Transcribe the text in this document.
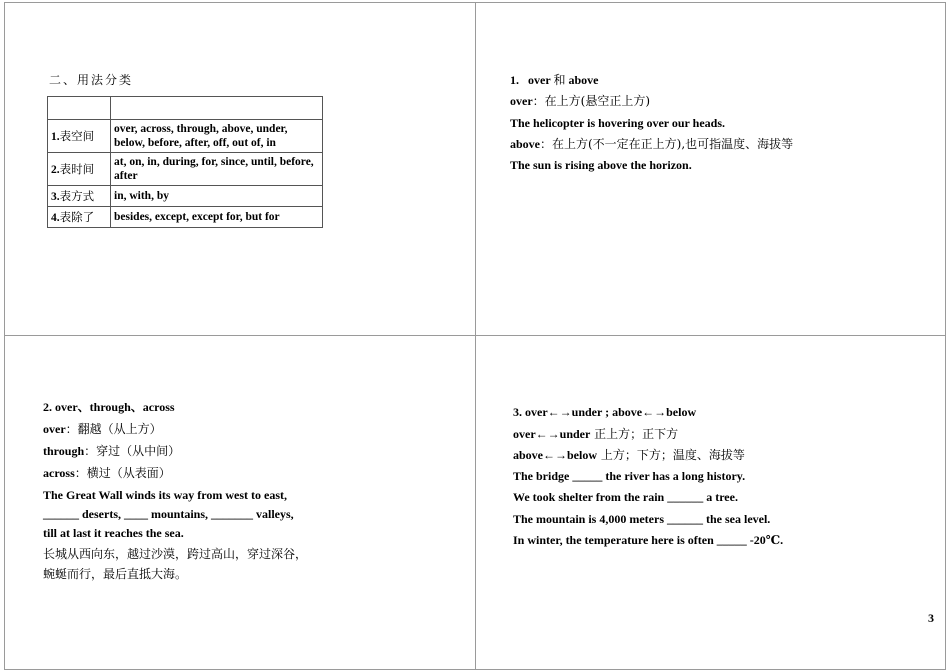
二、用法分类

1.表空间	over, across, through, above, under, below, before, after, off, out of, in
2.表时间	at, on, in, during, for, since, until, before, after
3.表方式	in, with, by
4.表除了	besides, except, except for, but for
1. over 和 above
over：在上方(悬空正上方)
The helicopter is hovering over our heads.
above：在上方(不一定在正上方),也可指温度、海拔等
The sun is rising above the horizon.
2. over、through、across
over：翻越（从上方）
through：穿过（从中间）
across：横过（从表面）
The Great Wall winds its way from west to east,
______ deserts, ____ mountains, _______ valleys,
till at last it reaches the sea.
长城从西向东，越过沙漠，跨过高山，穿过深谷，
蜿蜒而行，最后直抵大海。
3. over←→under ; above←→below
over←→under 正上方；正下方
above←→below 上方；下方；温度、海拔等
The bridge _____ the river has a long history.
We took shelter from the rain ______ a tree.
The mountain is 4,000 meters ______ the sea level.
In winter, the temperature here is often _____ -20℃.
3
